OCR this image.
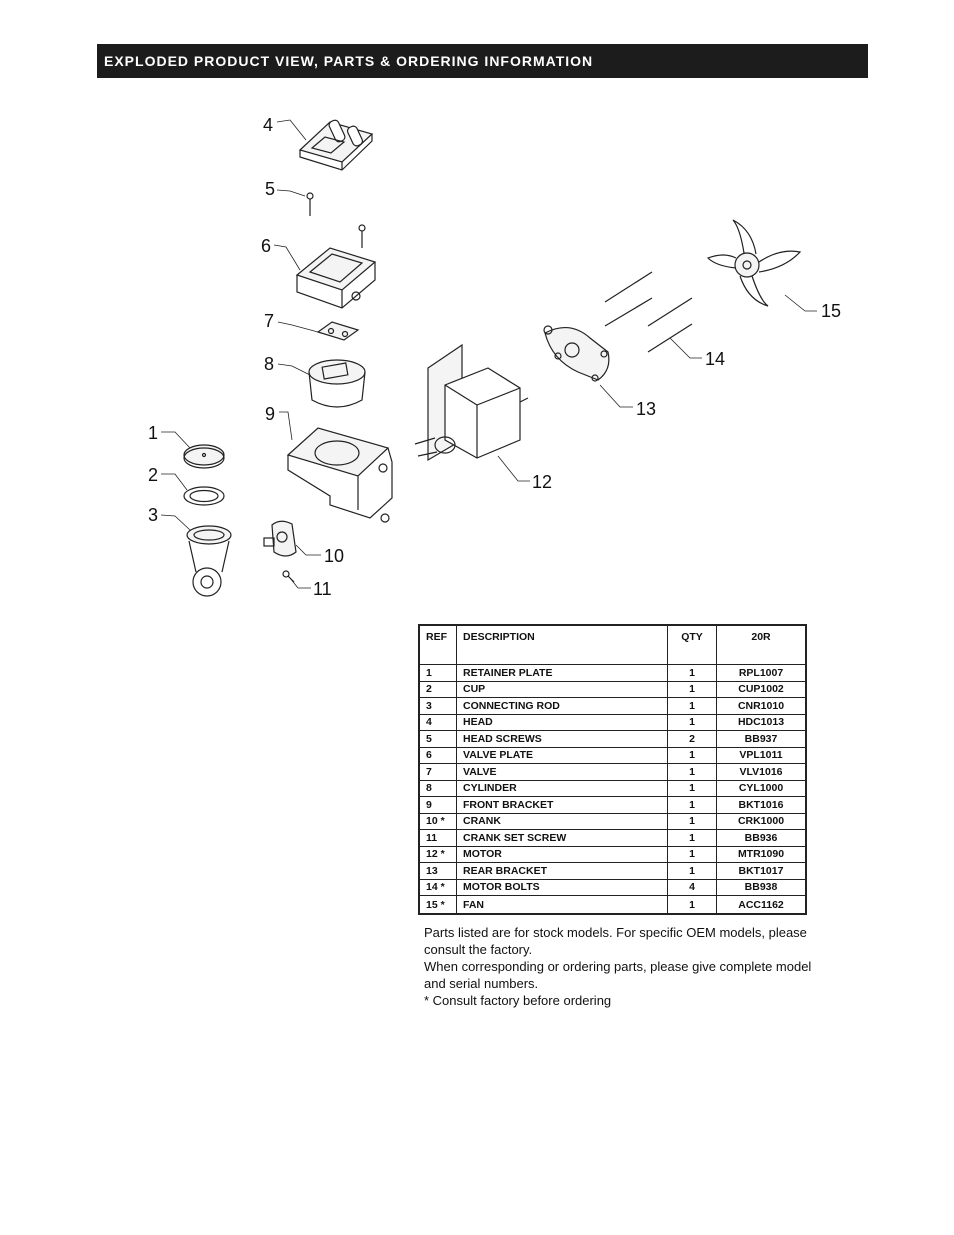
EXPLODED PRODUCT VIEW, PARTS & ORDERING INFORMATION
4
5
6
7
8
9
1
2
3
10
11
12
13
14
15
REF	DESCRIPTION	QTY	20R
1	RETAINER PLATE	1	RPL1007
2	CUP	1	CUP1002
3	CONNECTING ROD	1	CNR1010
4	HEAD	1	HDC1013
5	HEAD SCREWS	2	BB937
6	VALVE PLATE	1	VPL1011
7	VALVE	1	VLV1016
8	CYLINDER	1	CYL1000
9	FRONT BRACKET	1	BKT1016
10 *	CRANK	1	CRK1000
11	CRANK SET SCREW	1	BB936
12 *	MOTOR	1	MTR1090
13	REAR BRACKET	1	BKT1017
14 *	MOTOR BOLTS	4	BB938
15 *	FAN	1	ACC1162

Parts listed are for stock models. For specific OEM models, please consult the factory.

When corresponding or ordering parts, please give complete model and serial numbers.

* Consult factory before ordering
